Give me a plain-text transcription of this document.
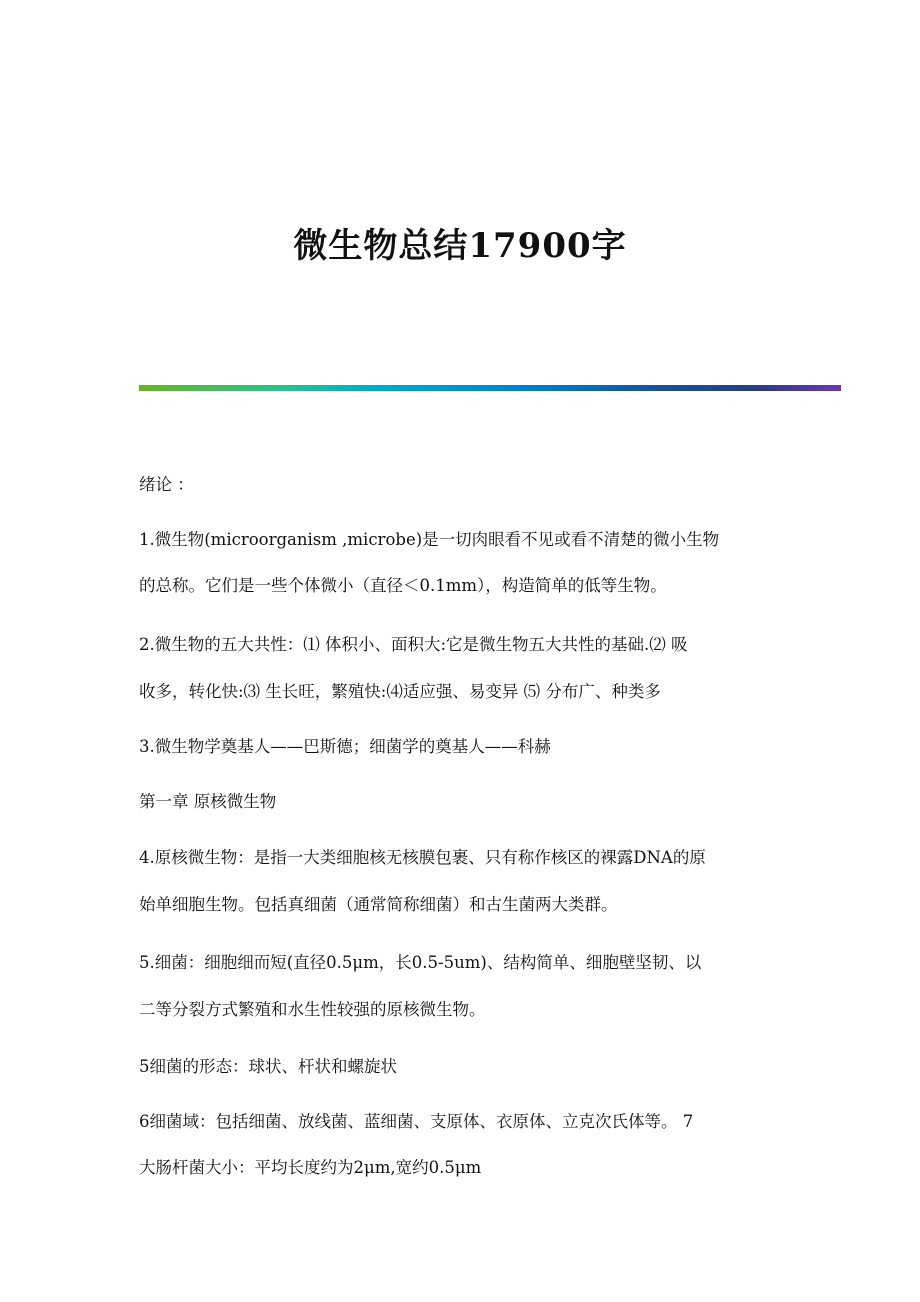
微生物总结17900字
绪论 ：
1.微生物(microorganism ,microbe)是一切肉眼看不见或看不清楚的微小生物
的总称。它们是一些个体微小（直径＜0.1mm），构造简单的低等生物。
2.微生物的五大共性：⑴ 体积小、面积大:它是微生物五大共性的基础.⑵ 吸
收多，转化快:⑶ 生长旺，繁殖快:⑷适应强、易变异 ⑸ 分布广、种类多
3.微生物学奠基人——巴斯德；细菌学的奠基人——科赫
第一章 原核微生物
4.原核微生物：是指一大类细胞核无核膜包裹、只有称作核区的裸露DNA的原
始单细胞生物。包括真细菌（通常简称细菌）和古生菌两大类群。
5.细菌：细胞细而短(直径0.5μm，长0.5-5um)、结构简单、细胞壁坚韧、以
二等分裂方式繁殖和水生性较强的原核微生物。
5细菌的形态：球状、杆状和螺旋状
6细菌域：包括细菌、放线菌、蓝细菌、支原体、衣原体、立克次氏体等。 7
大肠杆菌大小：平均长度约为2μm,宽约0.5μm
